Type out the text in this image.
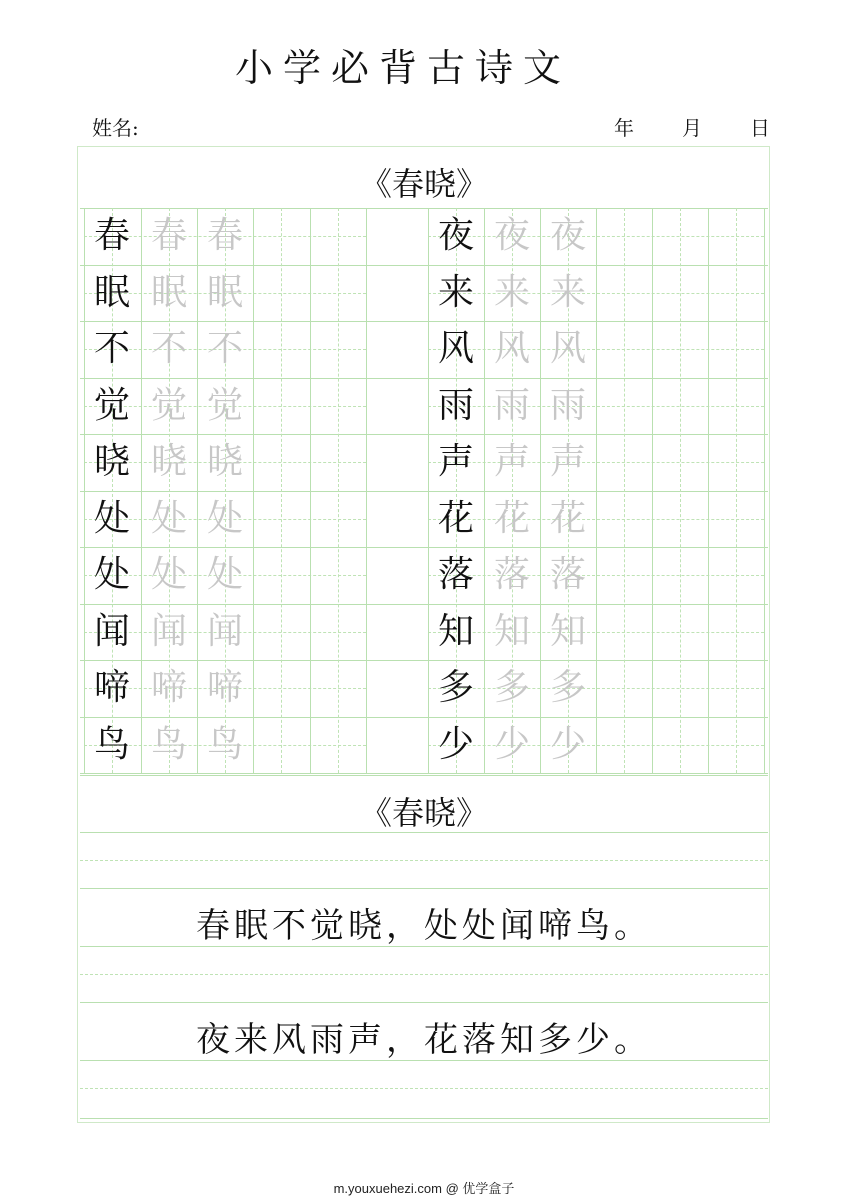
小学必背古诗文
姓名:	年 月 日
《春晓》
春 春 春
眠 眠 眠
不 不 不
觉 觉 觉
晓 晓 晓
处 处 处
处 处 处
闻 闻 闻
啼 啼 啼
鸟 鸟 鸟
夜 夜 夜
来 来 来
风 风 风
雨 雨 雨
声 声 声
花 花 花
落 落 落
知 知 知
多 多 多
少 少 少
《春晓》
春眠不觉晓，处处闻啼鸟。
夜来风雨声，花落知多少。
m.youxuehezi.com @ 优学盒子
